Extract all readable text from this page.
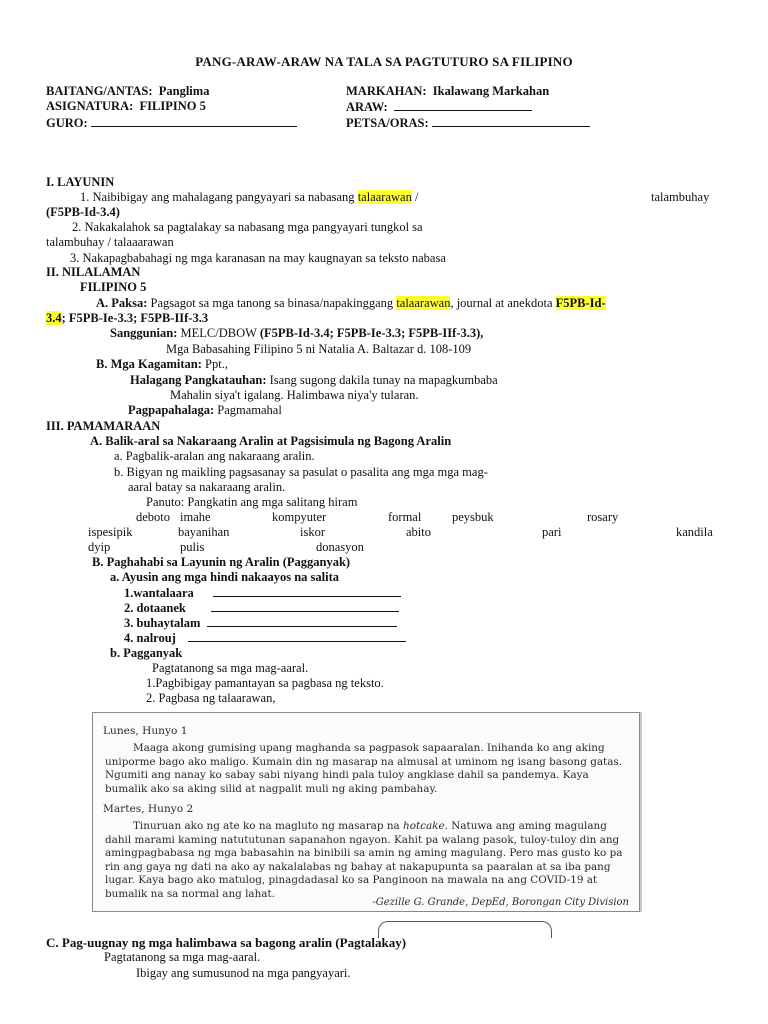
PANG-ARAW-ARAW NA TALA SA PAGTUTURO SA FILIPINO
BAITANG/ANTAS: Panglima
ASIGNATURA: FILIPINO 5
GURO:
MARKAHAN: Ikalawang Markahan
ARAW:
PETSA/ORAS:
I. LAYUNIN
1. Naibibigay ang mahalagang pangyayari sa nabasang talaarawan /	talambuhay
(F5PB-Id-3.4)
2. Nakakalahok sa pagtalakay sa nabasang mga pangyayari tungkol sa
talambuhay / talaaarawan
3. Nakapagbabahagi ng mga karanasan na may kaugnayan sa teksto nabasa
II. NILALAMAN
FILIPINO 5
A. Paksa: Pagsagot sa mga tanong sa binasa/napakinggang talaarawan, journal at anekdota F5PB-Id-
3.4; F5PB-Ie-3.3; F5PB-IIf-3.3
Sanggunian: MELC/DBOW (F5PB-Id-3.4; F5PB-Ie-3.3; F5PB-IIf-3.3),
Mga Babasahing Filipino 5 ni Natalia A. Baltazar d. 108-109
B. Mga Kagamitan: Ppt.,
Halagang Pangkatauhan: Isang sugong dakila tunay na mapagkumbaba
Mahalin siya't igalang. Halimbawa niya'y tularan.
Pagpapahalaga: Pagmamahal
III. PAMAMARAAN
A. Balik-aral sa Nakaraang Aralin at Pagsisimula ng Bagong Aralin
a. Pagbalik-aralan ang nakaraang aralin.
b. Bigyan ng maikling pagsasanay sa pasulat o pasalita ang mga mga mag-
aaral batay sa nakaraang aralin.
Panuto: Pangkatin ang mga salitang hiram
deboto imahe	kompyuter	formal peysbuk	rosary
ispesipik	bayanihan	iskor	abito	pari	kandila
dyip	pulis	donasyon
B. Paghahabi sa Layunin ng Aralin (Pagganyak)
a. Ayusin ang mga hindi nakaayos na salita
1.wantalaara
2. dotaanek
3. buhaytalam
4. nalrouj
b. Pagganyak
Pagtatanong sa mga mag-aaral.
1.Pagbibigay pamantayan sa pagbasa ng teksto.
2. Pagbasa ng talaarawan,
Lunes, Hunyo 1
Maaga akong gumising upang maghanda sa pagpasok sapaaralan. Inihanda ko ang aking uniporme bago ako maligo. Kumain din ng masarap na almusal at uminom ng isang basong gatas. Ngumiti ang nanay ko sabay sabi niyang hindi pala tuloy angklase dahil sa pandemya. Kaya bumalik ako sa aking silid at nagpalit muli ng aking pambahay.
Martes, Hunyo 2
Tinuruan ako ng ate ko na magluto ng masarap na hotcake. Natuwa ang aming magulang dahil marami kaming natututunan sapanahon ngayon. Kahit pa walang pasok, tuloy-tuloy din ang amingpagbabasa ng mga babasahin na binibili sa amin ng aming magulang. Pero mas gusto ko pa rin ang gaya ng dati na ako ay nakalalabas ng bahay at nakapupunta sa paaralan at sa iba pang lugar. Kaya bago ako matulog, pinagdadasal ko sa Panginoon na mawala na ang COVID-19 at bumalik na sa normal ang lahat.
-Gezille G. Grande, DepEd, Borongan City Division
C. Pag-uugnay ng mga halimbawa sa bagong aralin (Pagtalakay)
Pagtatanong sa mga mag-aaral.
Ibigay ang sumusunod na mga pangyayari.
